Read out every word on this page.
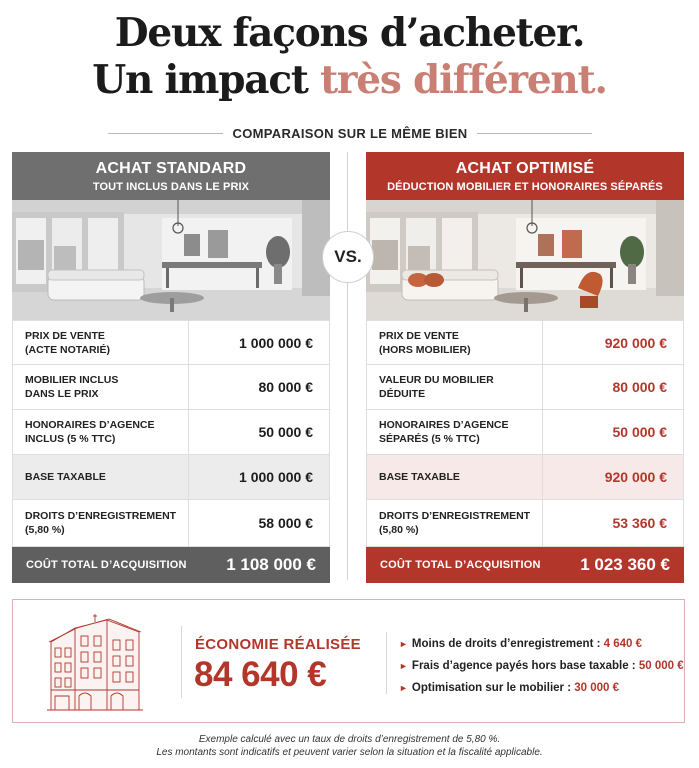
Deux façons d’acheter.
Un impact très différent.
COMPARAISON SUR LE MÊME BIEN
VS.
ACHAT STANDARD
TOUT INCLUS DANS LE PRIX
PRIX DE VENTE
(ACTE NOTARIÉ)	1 000 000 €
MOBILIER INCLUS
DANS LE PRIX	80 000 €
HONORAIRES D’AGENCE
INCLUS (5 % TTC)	50 000 €
BASE TAXABLE	1 000 000 €
DROITS D’ENREGISTREMENT
(5,80 %)	58 000 €
COÛT TOTAL D’ACQUISITION 1 108 000 €
ACHAT OPTIMISÉ
DÉDUCTION MOBILIER ET HONORAIRES SÉPARÉS
PRIX DE VENTE
(HORS MOBILIER)	920 000 €
VALEUR DU MOBILIER
DÉDUITE	80 000 €
HONORAIRES D’AGENCE
SÉPARÉS (5 % TTC)	50 000 €
BASE TAXABLE	920 000 €
DROITS D’ENREGISTREMENT
(5,80 %)	53 360 €
COÛT TOTAL D’ACQUISITION 1 023 360 €
ÉCONOMIE RÉALISÉE
84 640 €
► Moins de droits d’enregistrement : 4 640 €
► Frais d’agence payés hors base taxable : 50 000 €
► Optimisation sur le mobilier : 30 000 €
Exemple calculé avec un taux de droits d’enregistrement de 5,80 %.
Les montants sont indicatifs et peuvent varier selon la situation et la fiscalité applicable.
